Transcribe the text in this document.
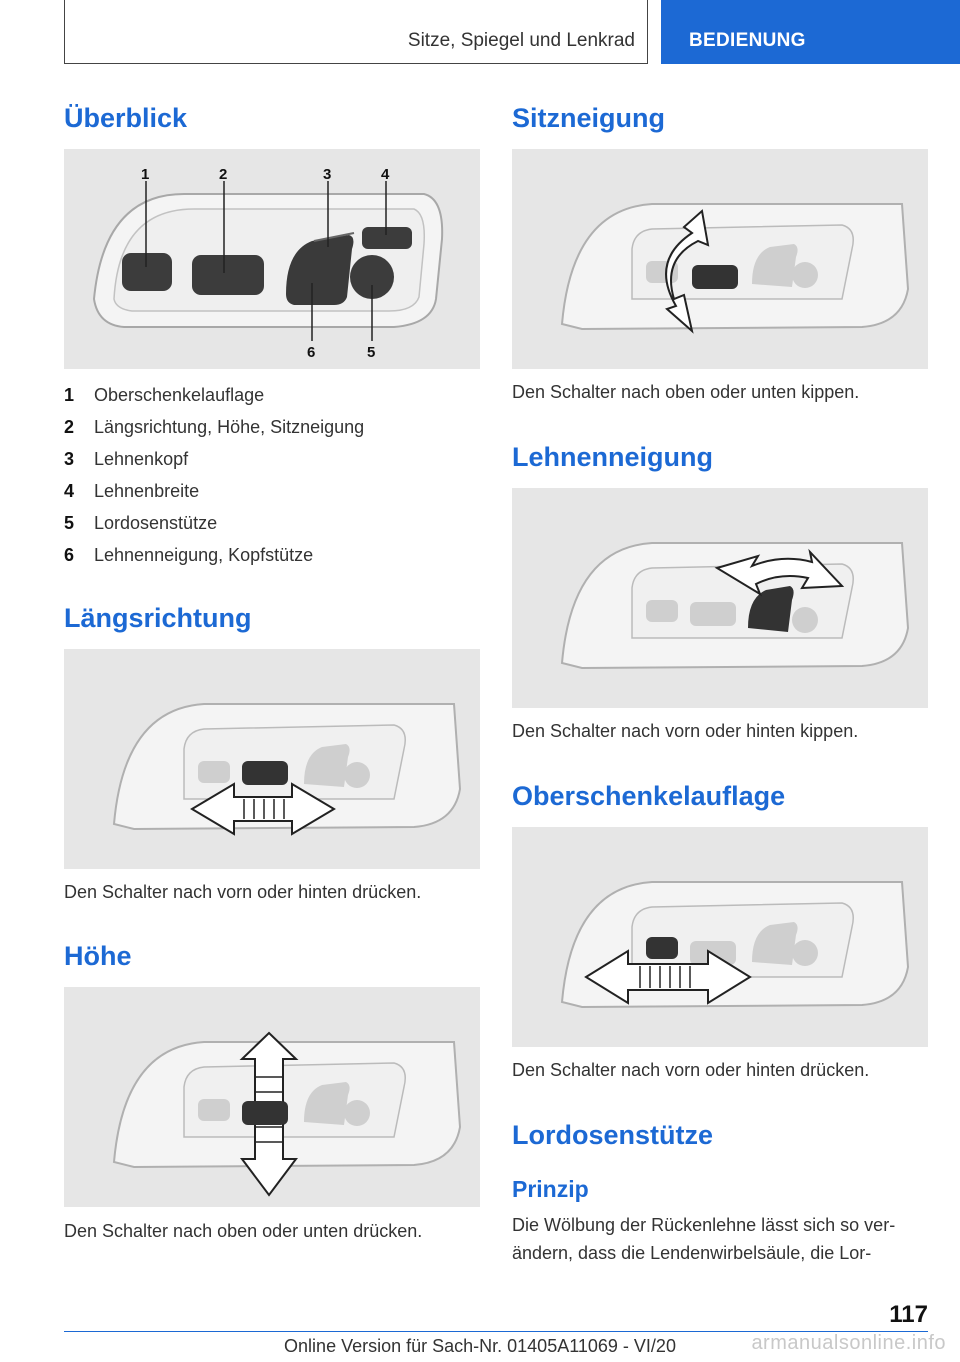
Sitze, Spiegel und Lenkrad	BEDIENUNG
Überblick
1	2	3	4
5
6
1	Oberschenkelauflage
2	Längsrichtung, Höhe, Sitzneigung
3	Lehnenkopf
4	Lehnenbreite
5	Lordosenstütze
6	Lehnenneigung, Kopfstütze
Längsrichtung
Den Schalter nach vorn oder hinten drücken.
Höhe
Den Schalter nach oben oder unten drücken.
Sitzneigung
Den Schalter nach oben oder unten kippen.
Lehnenneigung
Den Schalter nach vorn oder hinten kippen.
Oberschenkelauflage
Den Schalter nach vorn oder hinten drücken.
Lordosenstütze
Prinzip
Die Wölbung der Rückenlehne lässt sich so verändern, dass die Lendenwirbelsäule, die Lor-
117
Online Version für Sach-Nr. 01405A11069 - VI/20	armanualsonline.info
